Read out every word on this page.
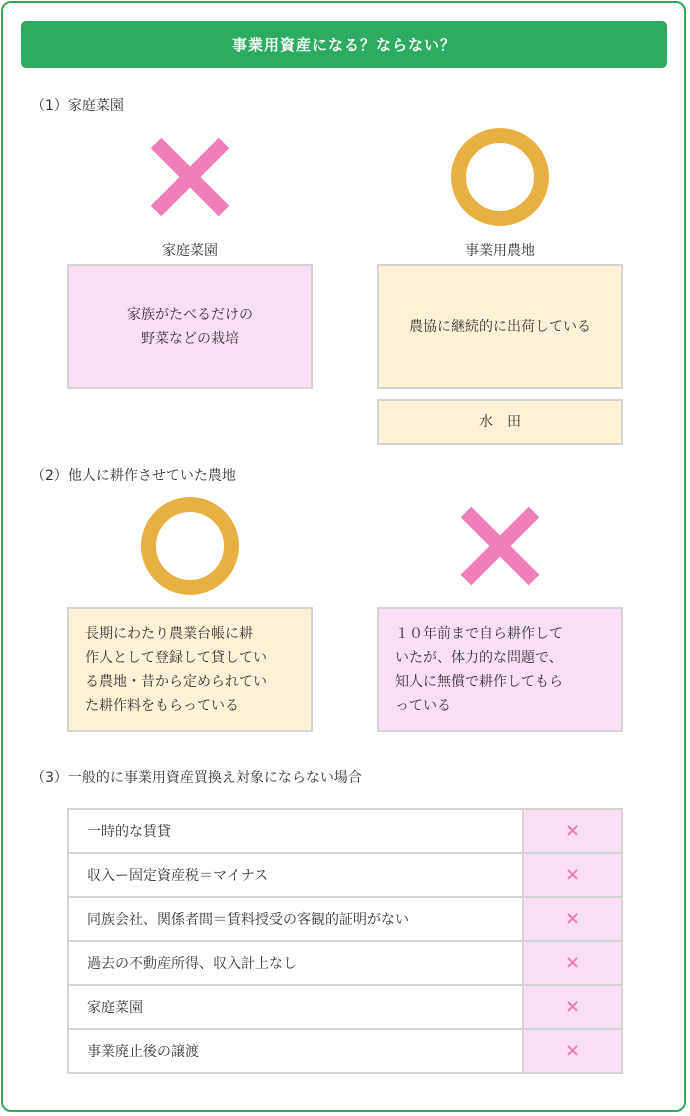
事業用資産になる？ならない？
（1）家庭菜園
家庭菜園	事業用農地
家族がたべるだけの
野菜などの栽培
農協に継続的に出荷している
水　田
（2）他人に耕作させていた農地
長期にわたり農業台帳に耕
作人として登録して貸してい
る農地・昔から定められてい
た耕作料をもらっている
１０年前まで自ら耕作して
いたが、体力的な問題で、
知人に無償で耕作してもら
っている
（3）一般的に事業用資産買換え対象にならない場合
一時的な賃貸	×
収入ー固定資産税＝マイナス	×
同族会社、関係者間＝賃料授受の客観的証明がない	×
過去の不動産所得、収入計上なし	×
家庭菜園	×
事業廃止後の譲渡	×
